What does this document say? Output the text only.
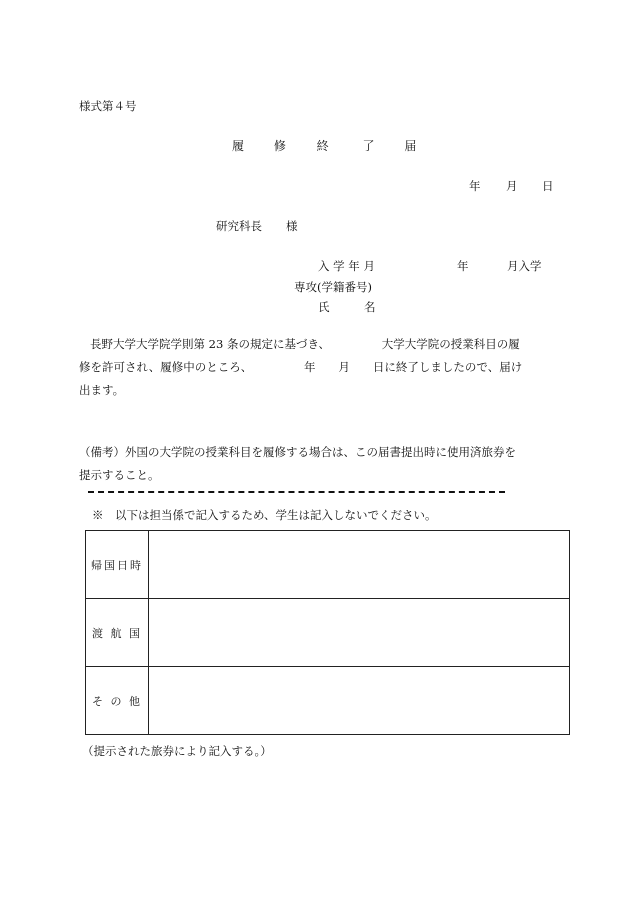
様式第４号
履 修	終	了 届
年 月 日
研究科長 様
入 学 年 月	年	月入学
専攻(学籍番号)
氏　　　名
長野大学大学院学則第 23 条の規定に基づき、　　　　　大学大学院の授業科目の履
修を許可され、履修中のところ、　　　　　年　　月　　日に終了しましたので、届け
出ます。
（備考）外国の大学院の授業科目を履修する場合は、この届書提出時に使用済旅券を
提示すること。
※　以下は担当係で記入するため、学生は記入しないでください。
帰国日時	
渡 航 国	
そ の 他	
（提示された旅券により記入する。）
